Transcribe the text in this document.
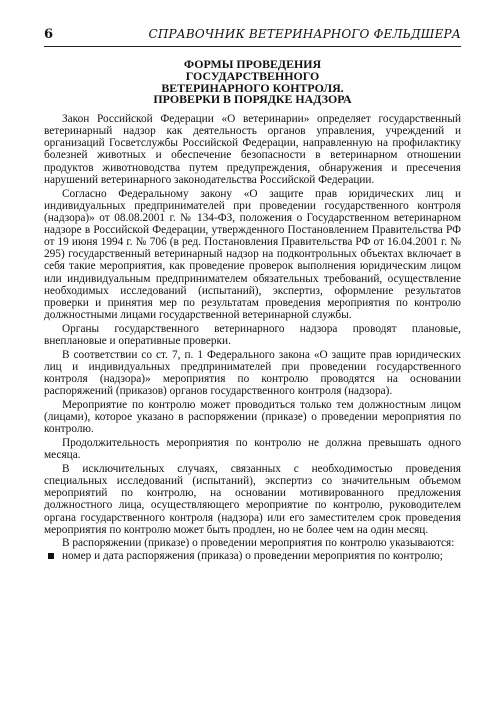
6	СПРАВОЧНИК ВЕТЕРИНАРНОГО ФЕЛЬДШЕРА
ФОРМЫ ПРОВЕДЕНИЯ
ГОСУДАРСТВЕННОГО
ВЕТЕРИНАРНОГО КОНТРОЛЯ.
ПРОВЕРКИ В ПОРЯДКЕ НАДЗОРА

Закон Российской Федерации «О ветеринарии» определяет государственный ветеринарный надзор как деятельность органов управления, учреждений и организаций Госветслужбы Российской Федерации, направленную на профилактику болезней животных и обеспечение безопасности в ветеринарном отношении продуктов животноводства путем предупреждения, обнаружения и пресечения нарушений ветеринарного законодательства Российской Федерации.

Согласно Федеральному закону «О защите прав юридических лиц и индивидуальных предпринимателей при проведении государственного контроля (надзора)» от 08.08.2001 г. № 134-ФЗ, положения о Государственном ветеринарном надзоре в Российской Федерации, утвержденного Постановлением Правительства РФ от 19 июня 1994 г. № 706 (в ред. Постановления Правительства РФ от 16.04.2001 г. № 295) государственный ветеринарный надзор на подконтрольных объектах включает в себя такие мероприятия, как проведение проверок выполнения юридическим лицом или индивидуальным предпринимателем обязательных требований, осуществление необходимых исследований (испытаний), экспертиз, оформление результатов проверки и принятия мер по результатам проведения мероприятия по контролю должностными лицами государственной ветеринарной службы.

Органы государственного ветеринарного надзора проводят плановые, внеплановые и оперативные проверки.

В соответствии со ст. 7, п. 1 Федерального закона «О защите прав юридических лиц и индивидуальных предпринимателей при проведении государственного контроля (надзора)» мероприятия по контролю проводятся на основании распоряжений (приказов) органов государственного контроля (надзора).

Мероприятие по контролю может проводиться только тем должностным лицом (лицами), которое указано в распоряжении (приказе) о проведении мероприятия по контролю.

Продолжительность мероприятия по контролю не должна превышать одного месяца.

В исключительных случаях, связанных с необходимостью проведения специальных исследований (испытаний), экспертиз со значительным объемом мероприятий по контролю, на основании мотивированного предложения должностного лица, осуществляющего мероприятие по контролю, руководителем органа государственного контроля (надзора) или его заместителем срок проведения мероприятия по контролю может быть продлен, но не более чем на один месяц.

В распоряжении (приказе) о проведении мероприятия по контролю указываются:

номер и дата распоряжения (приказа) о проведении мероприятия по контролю;
